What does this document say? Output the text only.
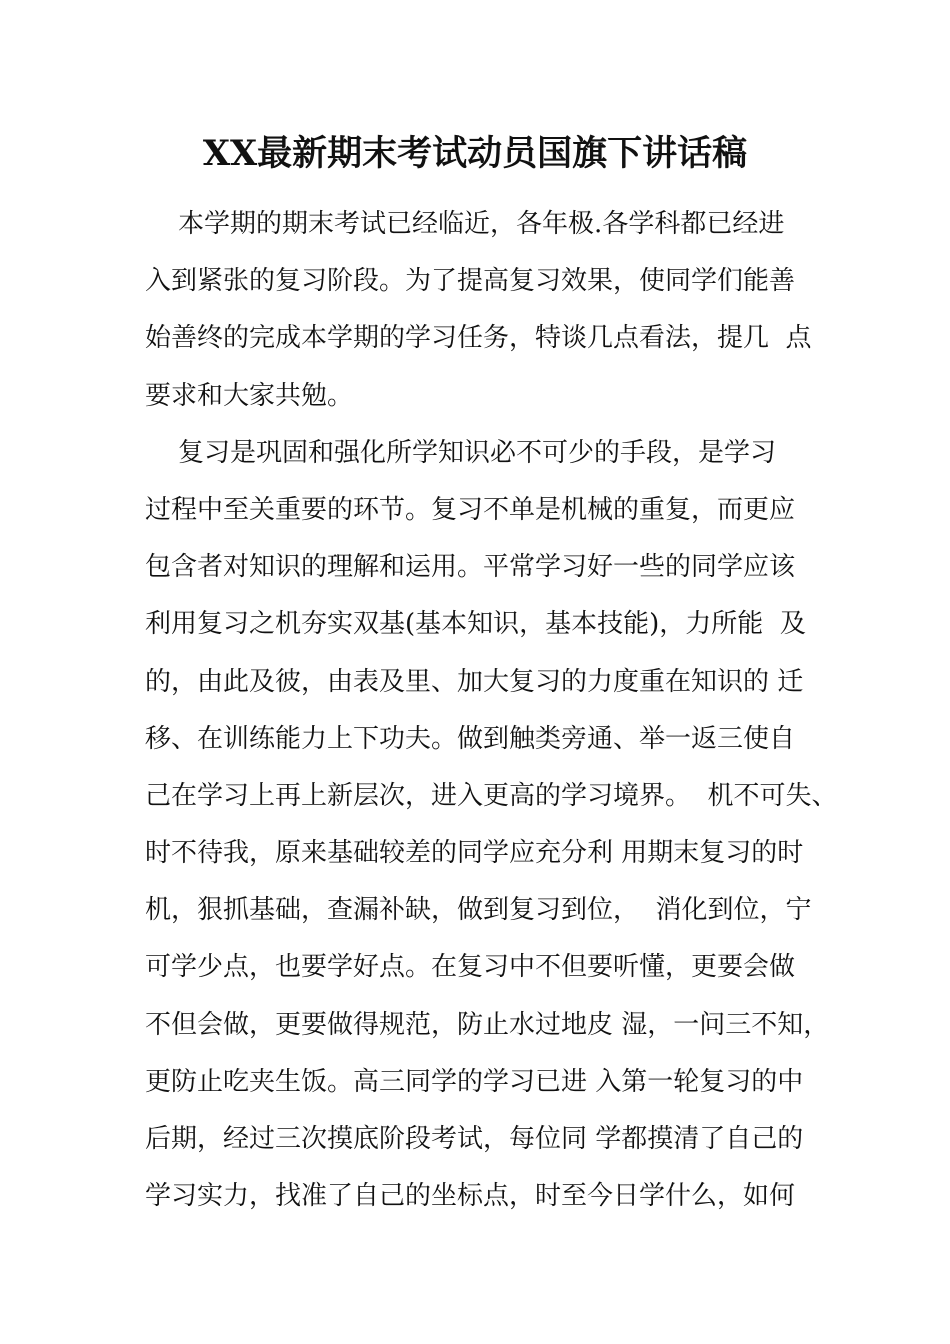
XX最新期末考试动员国旗下讲话稿
本学期的期末考试已经临近，各年极.各学科都已经进
入到紧张的复习阶段。为了提高复习效果，使同学们能善
始善终的完成本学期的学习任务，特谈几点看法，提几  点
要求和大家共勉。
复习是巩固和强化所学知识必不可少的手段，是学习
过程中至关重要的环节。复习不单是机械的重复，而更应
包含者对知识的理解和运用。平常学习好一些的同学应该
利用复习之机夯实双基(基本知识，基本技能)，力所能  及
的，由此及彼，由表及里、加大复习的力度重在知识的 迁
移、在训练能力上下功夫。做到触类旁通、举一返三使自
己在学习上再上新层次，进入更高的学习境界。  机不可失、
时不待我，原来基础较差的同学应充分利 用期末复习的时
机，狠抓基础，查漏补缺，做到复习到位，  消化到位，宁
可学少点，也要学好点。在复习中不但要听懂，更要会做
不但会做，更要做得规范，防止水过地皮 湿，一问三不知，
更防止吃夹生饭。高三同学的学习已进 入第一轮复习的中
后期，经过三次摸底阶段考试，每位同 学都摸清了自己的
学习实力，找准了自己的坐标点，时至今日学什么，如何
